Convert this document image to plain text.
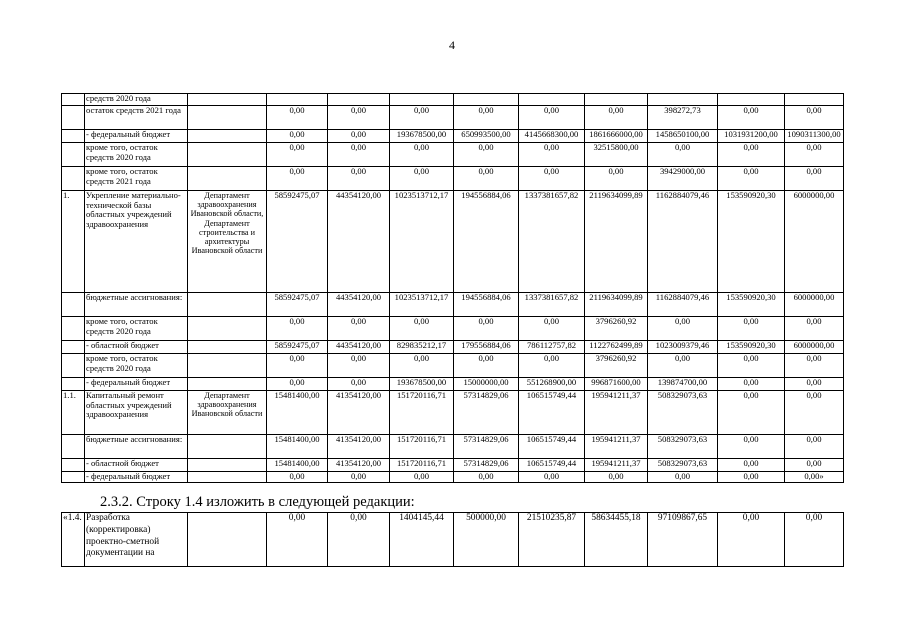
4
	средств 2020 года										
	остаток средств 2021 года		0,00	0,00	0,00	0,00	0,00	0,00	398272,73	0,00	0,00
	- федеральный бюджет		0,00	0,00	193678500,00	650993500,00	4145668300,00	1861666000,00	1458650100,00	1031931200,00	1090311300,00
	кроме того, остаток средств 2020 года		0,00	0,00	0,00	0,00	0,00	32515800,00	0,00	0,00	0,00
	кроме того, остаток средств 2021 года		0,00	0,00	0,00	0,00	0,00	0,00	39429000,00	0,00	0,00
1.	Укрепление материально-технической базы областных учреждений здравоохранения	Департамент здравоохранения Ивановской области, Департамент строительства и архитектуры Ивановской области	58592475,07	44354120,00	1023513712,17	194556884,06	1337381657,82	2119634099,89	1162884079,46	153590920,30	6000000,00
	бюджетные ассигнования:		58592475,07	44354120,00	1023513712,17	194556884,06	1337381657,82	2119634099,89	1162884079,46	153590920,30	6000000,00
	кроме того, остаток средств 2020 года		0,00	0,00	0,00	0,00	0,00	3796260,92	0,00	0,00	0,00
	- областной бюджет		58592475,07	44354120,00	829835212,17	179556884,06	786112757,82	1122762499,89	1023009379,46	153590920,30	6000000,00
	кроме того, остаток средств 2020 года		0,00	0,00	0,00	0,00	0,00	3796260,92	0,00	0,00	0,00
	- федеральный бюджет		0,00	0,00	193678500,00	15000000,00	551268900,00	996871600,00	139874700,00	0,00	0,00
1.1.	Капитальный ремонт областных учреждений здравоохранения	Департамент здравоохранения Ивановской области	15481400,00	41354120,00	151720116,71	57314829,06	106515749,44	195941211,37	508329073,63	0,00	0,00
	бюджетные ассигнования:		15481400,00	41354120,00	151720116,71	57314829,06	106515749,44	195941211,37	508329073,63	0,00	0,00
	- областной бюджет		15481400,00	41354120,00	151720116,71	57314829,06	106515749,44	195941211,37	508329073,63	0,00	0,00
	- федеральный бюджет		0,00	0,00	0,00	0,00	0,00	0,00	0,00	0,00	0,00»
2.3.2. Строку 1.4 изложить в следующей редакции:
«1.4.	Разработка (корректировка) проектно-сметной документации на		0,00	0,00	1404145,44	500000,00	21510235,87	58634455,18	97109867,65	0,00	0,00
